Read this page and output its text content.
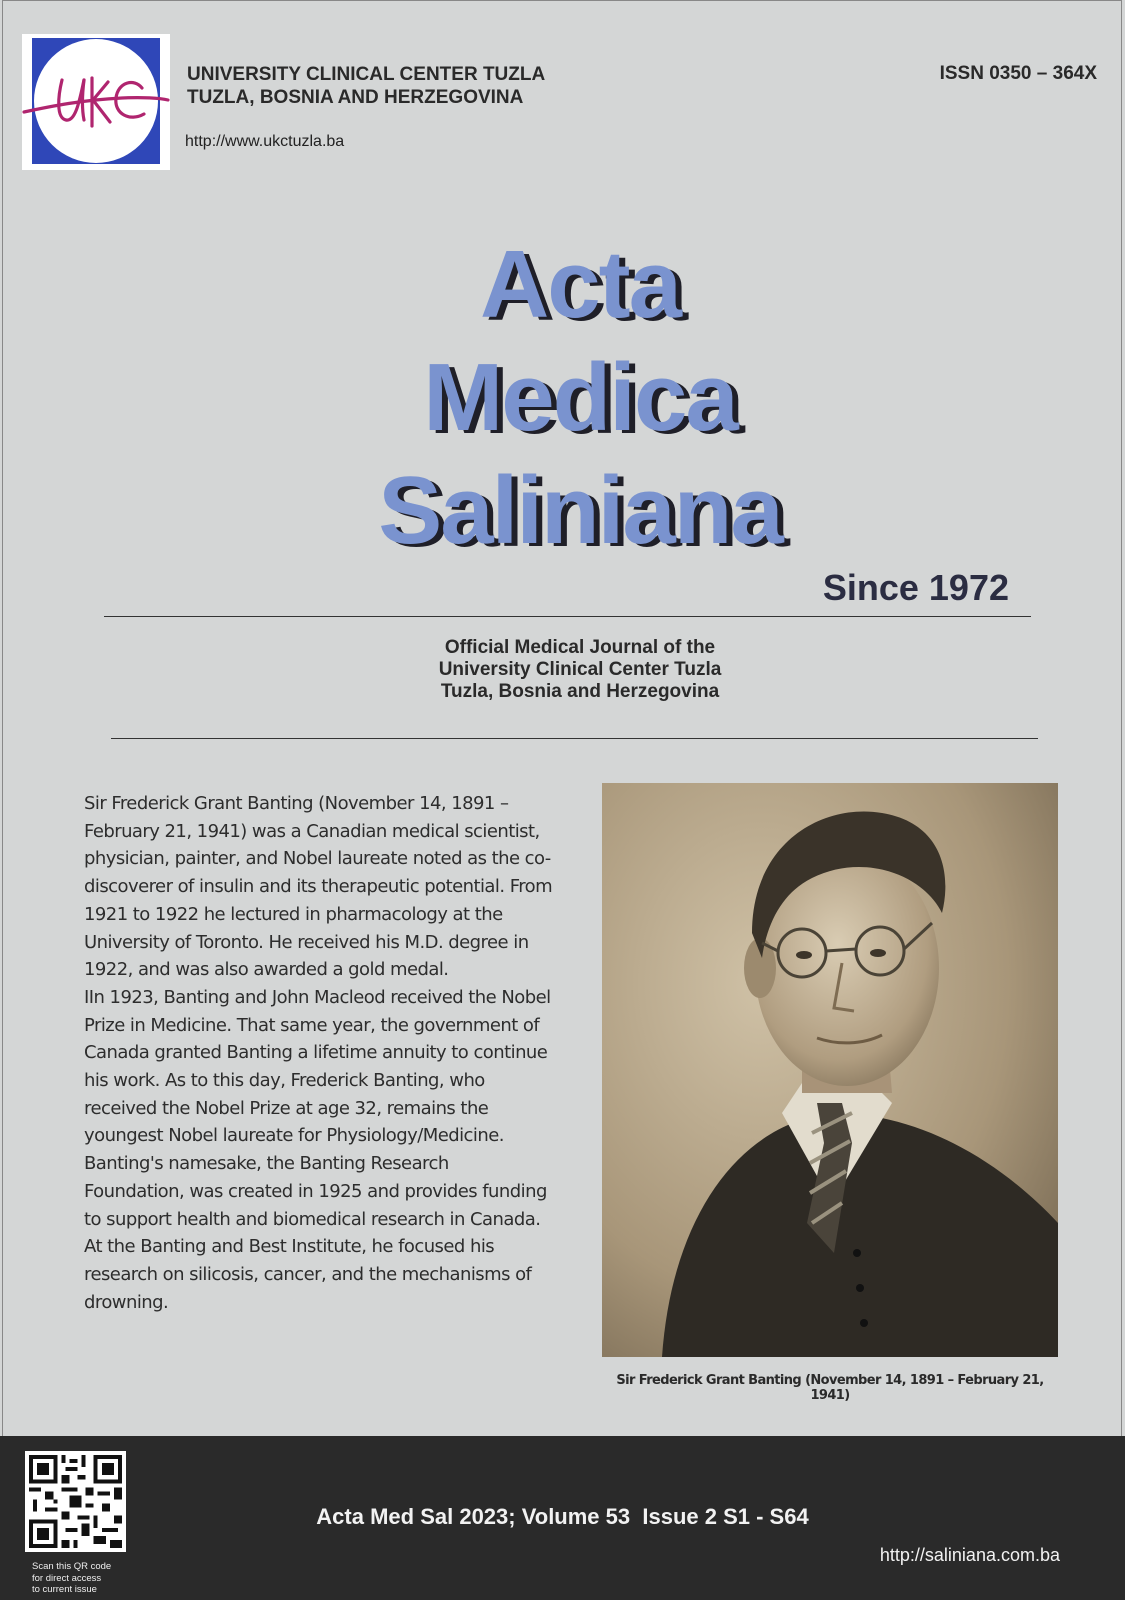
UNIVERSITY CLINICAL CENTER TUZLA
TUZLA, BOSNIA AND HERZEGOVINA
http://www.ukctuzla.ba
ISSN 0350 – 364X
Acta
Medica
Saliniana
Since 1972
Official Medical Journal of the
University Clinical Center Tuzla
Tuzla, Bosnia and Herzegovina

Sir Frederick Grant Banting (November 14, 1891 – February 21, 1941) was a Canadian medical scientist, physician, painter, and Nobel laureate noted as the co-discoverer of insulin and its therapeutic potential. From 1921 to 1922 he lectured in pharmacology at the University of Toronto. He received his M.D. degree in 1922, and was also awarded a gold medal.

IIn 1923, Banting and John Macleod received the Nobel Prize in Medicine. That same year, the government of Canada granted Banting a lifetime annuity to continue his work. As to this day, Frederick Banting, who received the Nobel Prize at age 32, remains the youngest Nobel laureate for Physiology/Medicine. Banting's namesake, the Banting Research Foundation, was created in 1925 and provides funding to support health and biomedical research in Canada. At the Banting and Best Institute, he focused his research on silicosis, cancer, and the mechanisms of drowning.

Sir Frederick Grant Banting (November 14, 1891 – February 21, 1941)
Scan this QR code
for direct access
to current issue
Acta Med Sal 2023; Volume 53  Issue 2 S1 - S64
http://saliniana.com.ba
